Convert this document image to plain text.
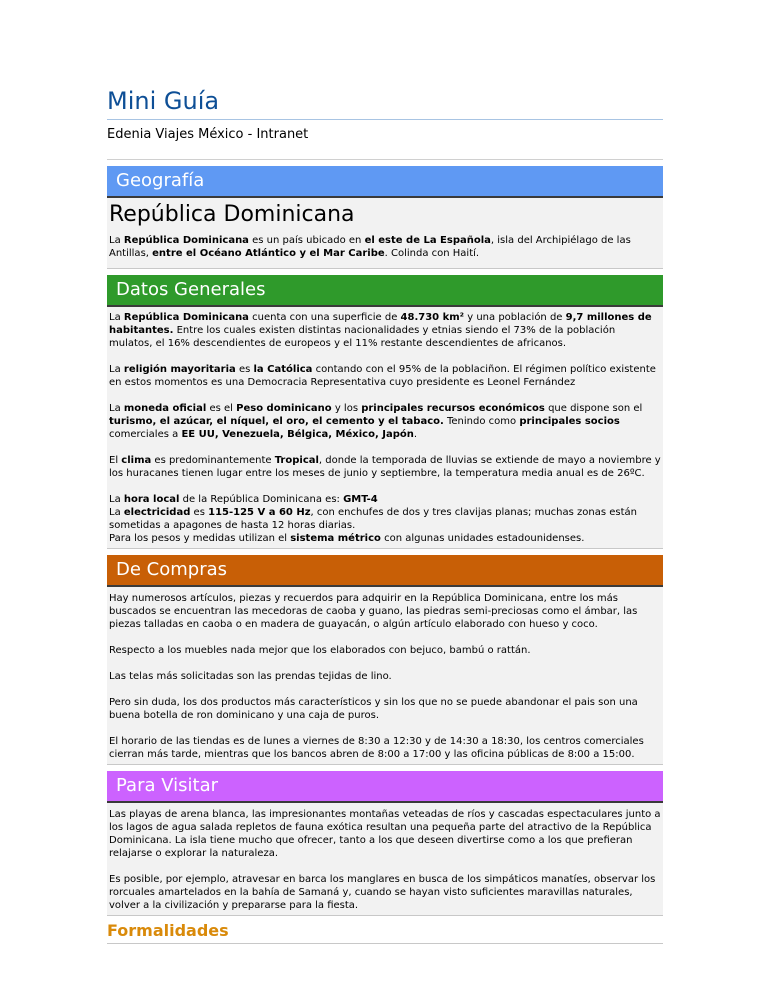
Mini Guía
Edenia Viajes México - Intranet
Geografía
República Dominicana

La República Dominicana es un país ubicado en el este de La Española, isla del Archipiélago de las Antillas, entre el Océano Atlántico y el Mar Caribe. Colinda con Haití.

Datos Generales

La República Dominicana cuenta con una superficie de 48.730 km² y una población de 9,7 millones de habitantes. Entre los cuales existen distintas nacionalidades y etnias siendo el 73% de la población mulatos, el 16% descendientes de europeos y el 11% restante descendientes de africanos.

La religión mayoritaria es la Católica contando con el 95% de la poblaciñon. El régimen político existente en estos momentos es una Democracia Representativa cuyo presidente es Leonel Fernández

La moneda oficial es el Peso dominicano y los principales recursos económicos que dispone son el turismo, el azúcar, el níquel, el oro, el cemento y el tabaco. Tenindo como principales socios comerciales a EE UU, Venezuela, Bélgica, México, Japón.

El clima es predominantemente Tropical, donde la temporada de lluvias se extiende de mayo a noviembre y los huracanes tienen lugar entre los meses de junio y septiembre, la temperatura media anual es de 26ºC.

La hora local de la República Dominicana es: GMT-4
La electricidad es 115-125 V a 60 Hz, con enchufes de dos y tres clavijas planas; muchas zonas están sometidas a apagones de hasta 12 horas diarias.
Para los pesos y medidas utilizan el sistema métrico con algunas unidades estadounidenses.

De Compras

Hay numerosos artículos, piezas y recuerdos para adquirir en la República Dominicana, entre los más buscados se encuentran las mecedoras de caoba y guano, las piedras semi-preciosas como el ámbar, las piezas talladas en caoba o en madera de guayacán, o algún artículo elaborado con hueso y coco.

Respecto a los muebles nada mejor que los elaborados con bejuco, bambú o rattán.

Las telas más solicitadas son las prendas tejidas de lino.

Pero sin duda, los dos productos más característicos y sin los que no se puede abandonar el pais son una buena botella de ron dominicano y una caja de puros.

El horario de las tiendas es de lunes a viernes de 8:30 a 12:30 y de 14:30 a 18:30, los centros comerciales cierran más tarde, mientras que los bancos abren de 8:00 a 17:00 y las oficina públicas de 8:00 a 15:00.

Para Visitar

Las playas de arena blanca, las impresionantes montañas veteadas de ríos y cascadas espectaculares junto a los lagos de agua salada repletos de fauna exótica resultan una pequeña parte del atractivo de la República Dominicana. La isla tiene mucho que ofrecer, tanto a los que deseen divertirse como a los que prefieran relajarse o explorar la naturaleza.

Es posible, por ejemplo, atravesar en barca los manglares en busca de los simpáticos manatíes, observar los rorcuales amartelados en la bahía de Samaná y, cuando se hayan visto suficientes maravillas naturales, volver a la civilización y prepararse para la fiesta.

Formalidades
